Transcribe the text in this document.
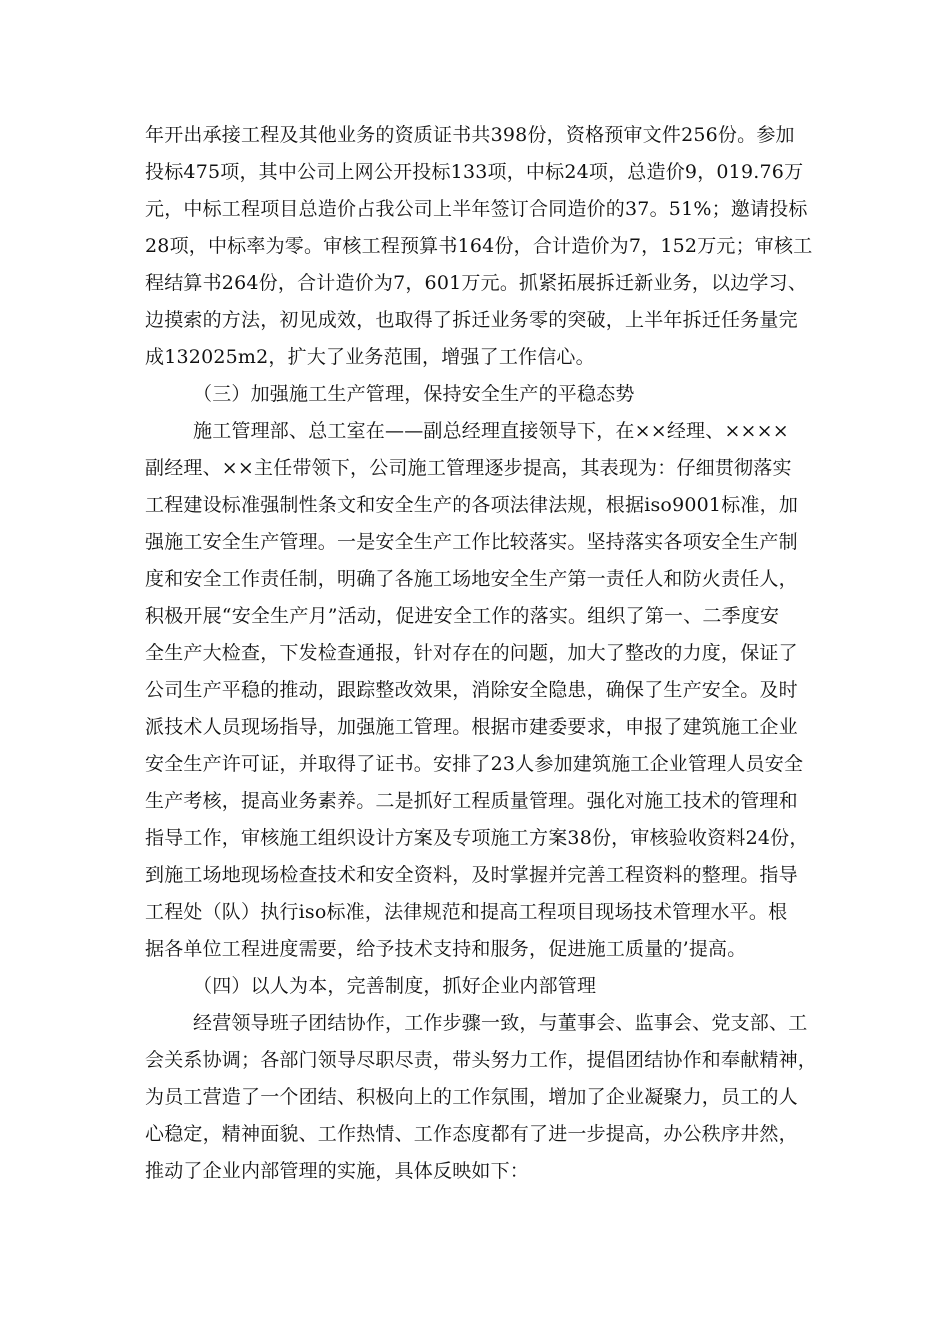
年开出承接工程及其他业务的资质证书共398份，资格预审文件256份。参加
投标475项，其中公司上网公开投标133项，中标24项，总造价9，019.76万
元，中标工程项目总造价占我公司上半年签订合同造价的37。51%；邀请投标
28项，中标率为零。审核工程预算书164份，合计造价为7，152万元；审核工
程结算书264份，合计造价为7，601万元。抓紧拓展拆迁新业务，以边学习、
边摸索的方法，初见成效，也取得了拆迁业务零的突破，上半年拆迁任务量完
成132025m2，扩大了业务范围，增强了工作信心。
（三）加强施工生产管理，保持安全生产的平稳态势
施工管理部、总工室在——副总经理直接领导下，在××经理、××××
副经理、××主任带领下，公司施工管理逐步提高，其表现为：仔细贯彻落实
工程建设标准强制性条文和安全生产的各项法律法规，根据iso9001标准，加
强施工安全生产管理。一是安全生产工作比较落实。坚持落实各项安全生产制
度和安全工作责任制，明确了各施工场地安全生产第一责任人和防火责任人，
积极开展“安全生产月”活动，促进安全工作的落实。组织了第一、二季度安
全生产大检查，下发检查通报，针对存在的问题，加大了整改的力度，保证了
公司生产平稳的推动，跟踪整改效果，消除安全隐患，确保了生产安全。及时
派技术人员现场指导，加强施工管理。根据市建委要求，申报了建筑施工企业
安全生产许可证，并取得了证书。安排了23人参加建筑施工企业管理人员安全
生产考核，提高业务素养。二是抓好工程质量管理。强化对施工技术的管理和
指导工作，审核施工组织设计方案及专项施工方案38份，审核验收资料24份，
到施工场地现场检查技术和安全资料，及时掌握并完善工程资料的整理。指导
工程处（队）执行iso标准，法律规范和提高工程项目现场技术管理水平。根
据各单位工程进度需要，给予技术支持和服务，促进施工质量的’提高。
（四）以人为本，完善制度，抓好企业内部管理
经营领导班子团结协作，工作步骤一致，与董事会、监事会、党支部、工
会关系协调；各部门领导尽职尽责，带头努力工作，提倡团结协作和奉献精神，
为员工营造了一个团结、积极向上的工作氛围，增加了企业凝聚力，员工的人
心稳定，精神面貌、工作热情、工作态度都有了进一步提高，办公秩序井然，
推动了企业内部管理的实施，具体反映如下：
